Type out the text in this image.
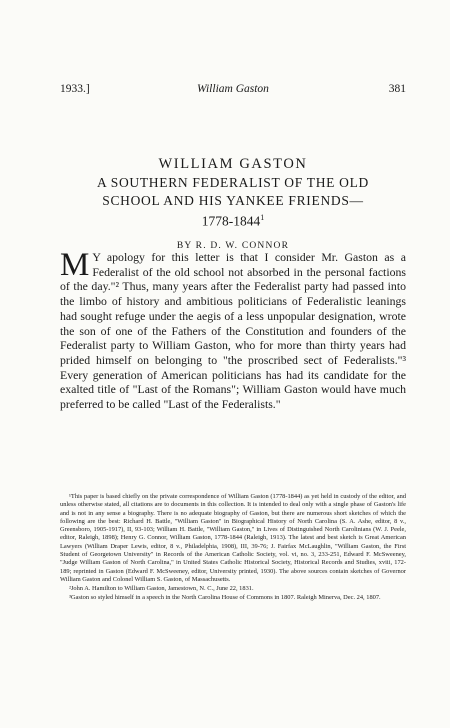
1933.]	William Gaston	381
WILLIAM GASTON
A SOUTHERN FEDERALIST OF THE OLD
SCHOOL AND HIS YANKEE FRIENDS—
1778-1844$^1$
BY R. D. W. CONNOR

M Y apology for this letter is that I consider Mr. Gaston as a Federalist of the old school not absorbed in the personal factions of the day."² Thus, many years after the Federalist party had passed into the limbo of history and ambitious politicians of Federalistic leanings had sought refuge under the aegis of a less unpopular designation, wrote the son of one of the Fathers of the Constitution and founders of the Federalist party to William Gaston, who for more than thirty years had prided himself on belonging to "the proscribed sect of Federalists."³ Every generation of American politicians has had its candidate for the exalted title of "Last of the Romans"; William Gaston would have much preferred to be called "Last of the Federalists."

¹This paper is based chiefly on the private correspondence of William Gaston (1778-1844) as yet held in custody of the editor, and unless otherwise stated, all citations are to documents in this collection. It is intended to deal only with a single phase of Gaston's life and is not in any sense a biography. There is no adequate biography of Gaston, but there are numerous short sketches of which the following are the best: Richard H. Battle, "William Gaston" in Biographical History of North Carolina (S. A. Ashe, editor, 8 v., Greensboro, 1905-1917), II, 93-103; William H. Battle, "William Gaston," in Lives of Distinguished North Carolinians (W. J. Peele, editor, Raleigh, 1898); Henry G. Connor, William Gaston, 1778-1844 (Raleigh, 1913). The latest and best sketch is Great American Lawyers (William Draper Lewis, editor, 8 v., Philadelphia, 1908), III, 39-76; J. Fairfax McLaughlin, "William Gaston, the First Student of Georgetown University" in Records of the American Catholic Society, vol. vi, no. 3, 233-251, Edward F. McSweeney, "Judge William Gaston of North Carolina," in United States Catholic Historical Society, Historical Records and Studies, xviii, 172-189; reprinted in Gaston (Edward F. McSweeney, editor, University printed, 1930). The above sources contain sketches of Governor William Gaston and Colonel William S. Gaston, of Massachusetts.

²John A. Hamilton to William Gaston, Jamestown, N. C., June 22, 1831.

³Gaston so styled himself in a speech in the North Carolina House of Commons in 1807. Raleigh Minerva, Dec. 24, 1807.
